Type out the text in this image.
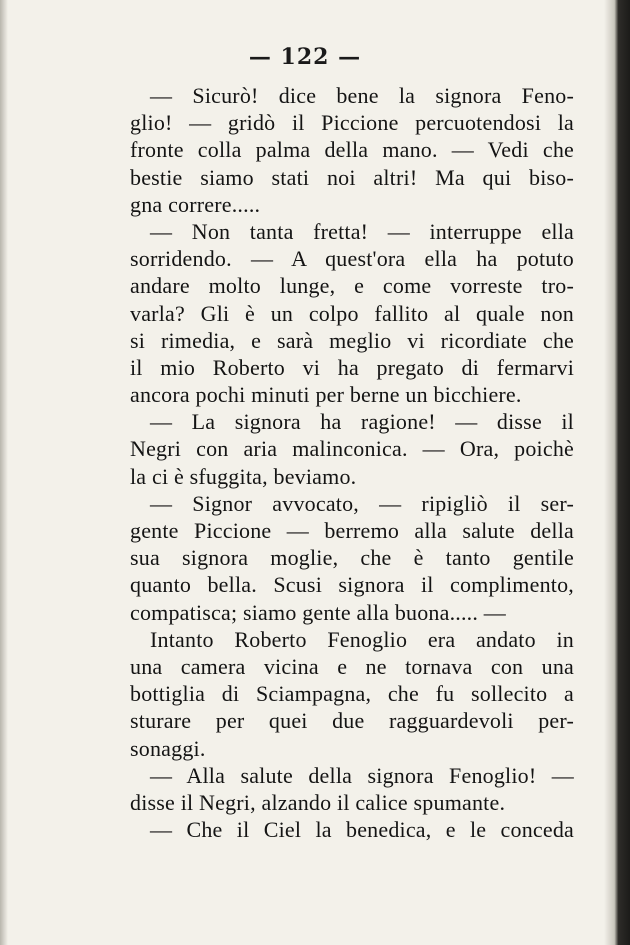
— 122 —
— Sicurò! dice bene la signora Feno-
glio! — gridò il Piccione percuotendosi la
fronte colla palma della mano. — Vedi che
bestie siamo stati noi altri! Ma qui biso-
gna correre.....
— Non tanta fretta! — interruppe ella
sorridendo. — A quest'ora ella ha potuto
andare molto lunge, e come vorreste tro-
varla? Gli è un colpo fallito al quale non
si rimedia, e sarà meglio vi ricordiate che
il mio Roberto vi ha pregato di fermarvi
ancora pochi minuti per berne un bicchiere.
— La signora ha ragione! — disse il
Negri con aria malinconica. — Ora, poichè
la ci è sfuggita, beviamo.
— Signor avvocato, — ripigliò il ser-
gente Piccione — berremo alla salute della
sua signora moglie, che è tanto gentile
quanto bella. Scusi signora il complimento,
compatisca; siamo gente alla buona..... —
Intanto Roberto Fenoglio era andato in
una camera vicina e ne tornava con una
bottiglia di Sciampagna, che fu sollecito a
sturare per quei due ragguardevoli per-
sonaggi.
— Alla salute della signora Fenoglio! —
disse il Negri, alzando il calice spumante.
— Che il Ciel la benedica, e le conceda
